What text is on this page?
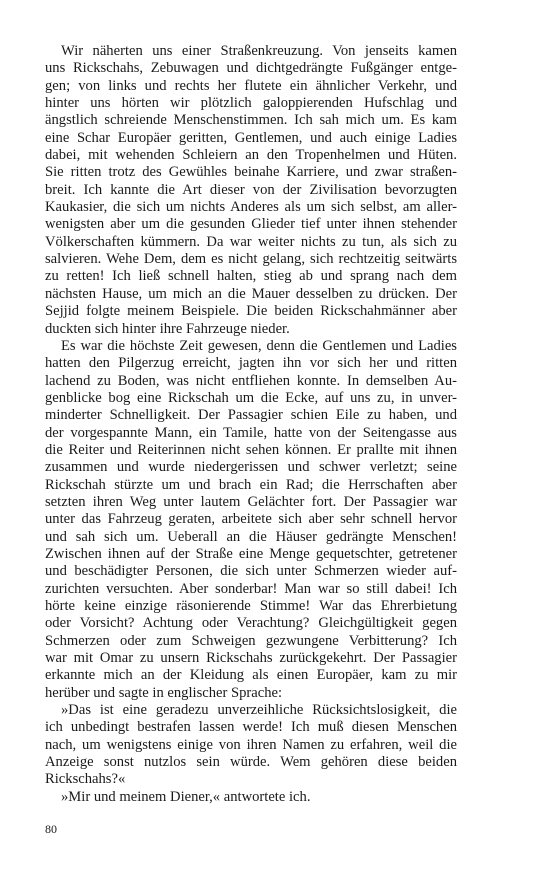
Wir näherten uns einer Straßenkreuzung. Von jenseits kamen
uns Rickschahs, Zebuwagen und dichtgedrängte Fußgänger entge-
gen; von links und rechts her flutete ein ähnlicher Verkehr, und
hinter uns hörten wir plötzlich galoppierenden Hufschlag und
ängstlich schreiende Menschenstimmen. Ich sah mich um. Es kam
eine Schar Europäer geritten, Gentlemen, und auch einige Ladies
dabei, mit wehenden Schleiern an den Tropenhelmen und Hüten.
Sie ritten trotz des Gewühles beinahe Karriere, und zwar straßen-
breit. Ich kannte die Art dieser von der Zivilisation bevorzugten
Kaukasier, die sich um nichts Anderes als um sich selbst, am aller-
wenigsten aber um die gesunden Glieder tief unter ihnen stehender
Völkerschaften kümmern. Da war weiter nichts zu tun, als sich zu
salvieren. Wehe Dem, dem es nicht gelang, sich rechtzeitig seitwärts
zu retten! Ich ließ schnell halten, stieg ab und sprang nach dem
nächsten Hause, um mich an die Mauer desselben zu drücken. Der
Sejjid folgte meinem Beispiele. Die beiden Rickschahmänner aber
duckten sich hinter ihre Fahrzeuge nieder.
Es war die höchste Zeit gewesen, denn die Gentlemen und Ladies
hatten den Pilgerzug erreicht, jagten ihn vor sich her und ritten
lachend zu Boden, was nicht entfliehen konnte. In demselben Au-
genblicke bog eine Rickschah um die Ecke, auf uns zu, in unver-
minderter Schnelligkeit. Der Passagier schien Eile zu haben, und
der vorgespannte Mann, ein Tamile, hatte von der Seitengasse aus
die Reiter und Reiterinnen nicht sehen können. Er prallte mit ihnen
zusammen und wurde niedergerissen und schwer verletzt; seine
Rickschah stürzte um und brach ein Rad; die Herrschaften aber
setzten ihren Weg unter lautem Gelächter fort. Der Passagier war
unter das Fahrzeug geraten, arbeitete sich aber sehr schnell hervor
und sah sich um. Ueberall an die Häuser gedrängte Menschen!
Zwischen ihnen auf der Straße eine Menge gequetschter, getretener
und beschädigter Personen, die sich unter Schmerzen wieder auf-
zurichten versuchten. Aber sonderbar! Man war so still dabei! Ich
hörte keine einzige räsonierende Stimme! War das Ehrerbietung
oder Vorsicht? Achtung oder Verachtung? Gleichgültigkeit gegen
Schmerzen oder zum Schweigen gezwungene Verbitterung? Ich
war mit Omar zu unsern Rickschahs zurückgekehrt. Der Passagier
erkannte mich an der Kleidung als einen Europäer, kam zu mir
herüber und sagte in englischer Sprache:
»Das ist eine geradezu unverzeihliche Rücksichtslosigkeit, die
ich unbedingt bestrafen lassen werde! Ich muß diesen Menschen
nach, um wenigstens einige von ihren Namen zu erfahren, weil die
Anzeige sonst nutzlos sein würde. Wem gehören diese beiden
Rickschahs?«
»Mir und meinem Diener,« antwortete ich.
80
